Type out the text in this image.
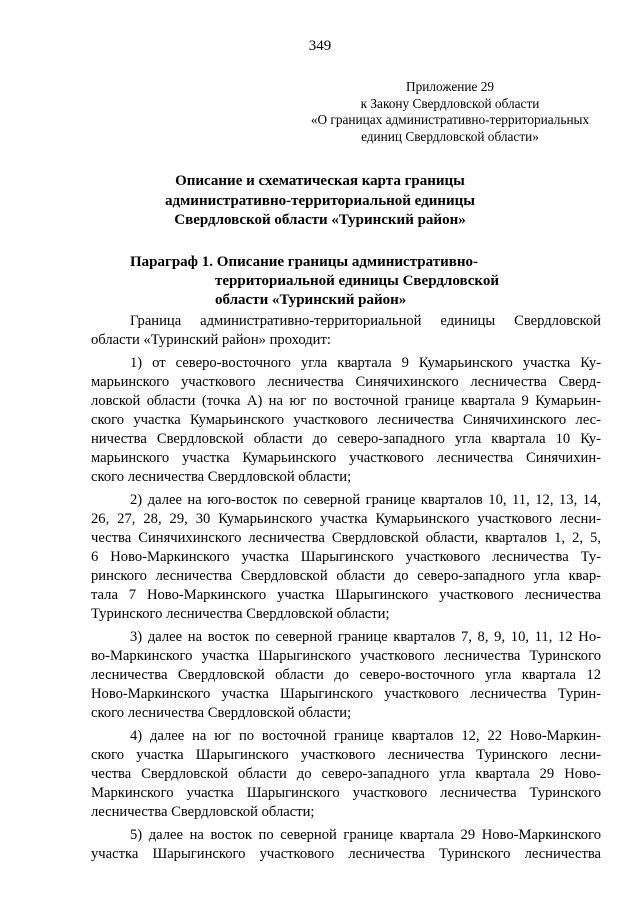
349
Приложение 29
к Закону Свердловской области
«О границах административно-территориальных
единиц Свердловской области»
Описание и схематическая карта границы
административно-территориальной единицы
Свердловской области «Туринский район»
Параграф 1. Описание границы административно-
территориальной единицы Свердловской
области «Туринский район»
Граница административно-территориальной единицы Свердловской
области «Туринский район» проходит:
1) от северо-восточного угла квартала 9 Кумарьинского участка Ку-
марьинского участкового лесничества Синячихинского лесничества Сверд-
ловской области (точка А) на юг по восточной границе квартала 9 Кумарьин-
ского участка Кумарьинского участкового лесничества Синячихинского лес-
ничества Свердловской области до северо-западного угла квартала 10 Ку-
марьинского участка Кумарьинского участкового лесничества Синячихин-
ского лесничества Свердловской области;
2) далее на юго-восток по северной границе кварталов 10, 11, 12, 13, 14,
26, 27, 28, 29, 30 Кумарьинского участка Кумарьинского участкового лесни-
чества Синячихинского лесничества Свердловской области, кварталов 1, 2, 5,
6 Ново-Маркинского участка Шарыгинского участкового лесничества Ту-
ринского лесничества Свердловской области до северо-западного угла квар-
тала 7 Ново-Маркинского участка Шарыгинского участкового лесничества
Туринского лесничества Свердловской области;
3) далее на восток по северной границе кварталов 7, 8, 9, 10, 11, 12 Но-
во-Маркинского участка Шарыгинского участкового лесничества Туринского
лесничества Свердловской области до северо-восточного угла квартала 12
Ново-Маркинского участка Шарыгинского участкового лесничества Турин-
ского лесничества Свердловской области;
4) далее на юг по восточной границе кварталов 12, 22 Ново-Маркин-
ского участка Шарыгинского участкового лесничества Туринского лесни-
чества Свердловской области до северо-западного угла квартала 29 Ново-
Маркинского участка Шарыгинского участкового лесничества Туринского
лесничества Свердловской области;
5) далее на восток по северной границе квартала 29 Ново-Маркинского
участка Шарыгинского участкового лесничества Туринского лесничества
